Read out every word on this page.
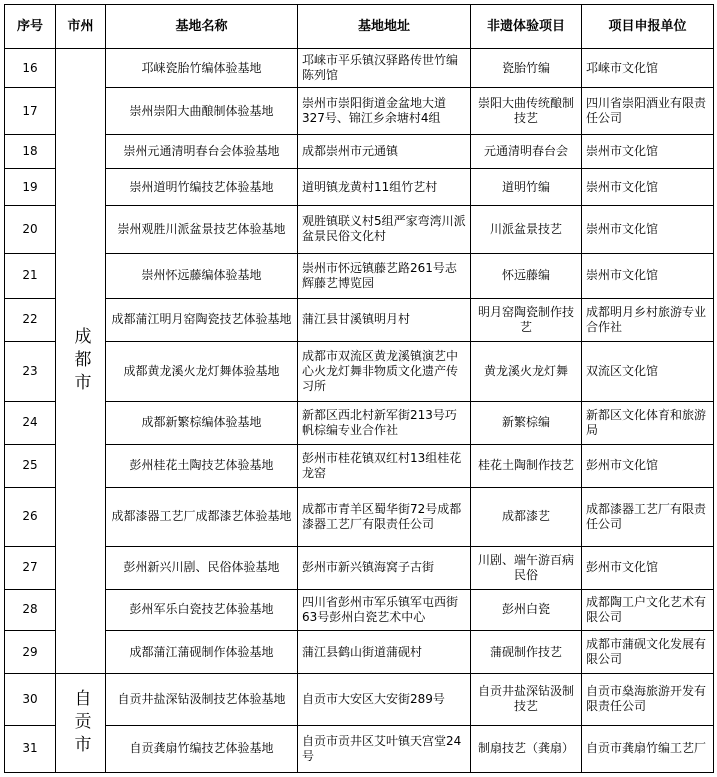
序号	市州	基地名称	基地地址	非遗体验项目	项目申报单位
16	成都市	邛崃瓷胎竹编体验基地	邛崃市平乐镇汉驿路传世竹编陈列馆	瓷胎竹编	邛崃市文化馆
17		崇州崇阳大曲酿制体验基地	崇州市崇阳街道金盆地大道327号、锦江乡余塘村4组	崇阳大曲传统酿制技艺	四川省崇阳酒业有限责任公司
18		崇州元通清明春台会体验基地	成都崇州市元通镇	元通清明春台会	崇州市文化馆
19		崇州道明竹编技艺体验基地	道明镇龙黄村11组竹艺村	道明竹编	崇州市文化馆
20		崇州观胜川派盆景技艺体验基地	观胜镇联义村5组严家弯湾川派盆景民俗文化村	川派盆景技艺	崇州市文化馆
21		崇州怀远藤编体验基地	崇州市怀远镇藤艺路261号志辉藤艺博览园	怀远藤编	崇州市文化馆
22		成都蒲江明月窑陶瓷技艺体验基地	蒲江县甘溪镇明月村	明月窑陶瓷制作技艺	成都明月乡村旅游专业合作社
23		成都黄龙溪火龙灯舞体验基地	成都市双流区黄龙溪镇演艺中心火龙灯舞非物质文化遗产传习所	黄龙溪火龙灯舞	双流区文化馆
24		成都新繁棕编体验基地	新都区西北村新军街213号巧帆棕编专业合作社	新繁棕编	新都区文化体育和旅游局
25		彭州桂花土陶技艺体验基地	彭州市桂花镇双红村13组桂花龙窑	桂花土陶制作技艺	彭州市文化馆
26		成都漆器工艺厂成都漆艺体验基地	成都市青羊区蜀华街72号成都漆器工艺厂有限责任公司	成都漆艺	成都漆器工艺厂有限责任公司
27		彭州新兴川剧、民俗体验基地	彭州市新兴镇海窝子古街	川剧、端午游百病民俗	彭州市文化馆
28		彭州军乐白瓷技艺体验基地	四川省彭州市军乐镇军屯西街63号彭州白瓷艺术中心	彭州白瓷	成都陶工户文化艺术有限公司
29		成都蒲江蒲砚制作体验基地	蒲江县鹤山街道蒲砚村	蒲砚制作技艺	成都市蒲砚文化发展有限公司
30	自贡市	自贡井盐深钻汲制技艺体验基地	自贡市大安区大安街289号	自贡井盐深钻汲制技艺	自贡市燊海旅游开发有限责任公司
31		自贡龚扇竹编技艺体验基地	自贡市贡井区艾叶镇天宫堂24号	制扇技艺（龚扇）	自贡市龚扇竹编工艺厂
